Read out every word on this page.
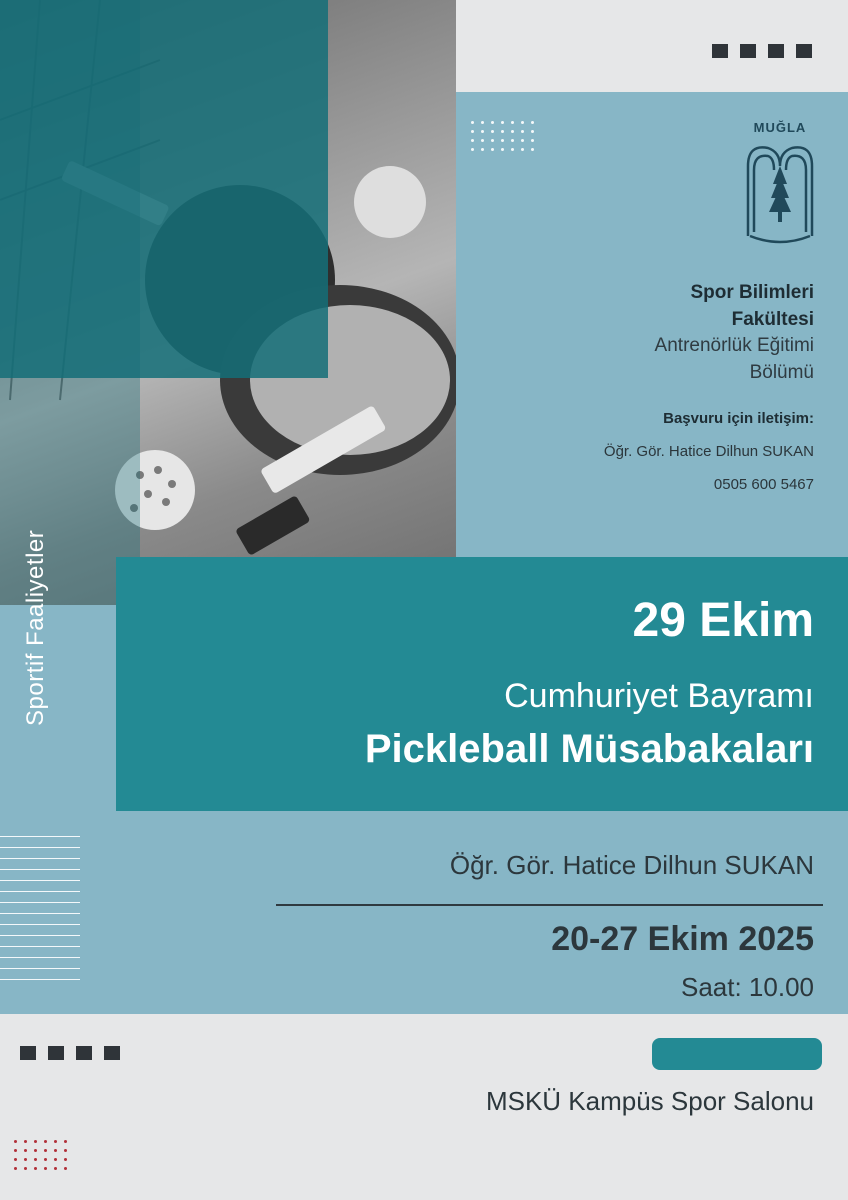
MUĞLA
Spor Bilimleri
Fakültesi
Antrenörlük Eğitimi
Bölümü
Başvuru için iletişim:
Öğr. Gör. Hatice Dilhun SUKAN
0505 600 5467
Sportif Faaliyetler	29 Ekim
Cumhuriyet Bayramı
Pickleball Müsabakaları
Öğr. Gör. Hatice Dilhun SUKAN
20-27 Ekim 2025
Saat: 10.00
MSKÜ Kampüs Spor Salonu
